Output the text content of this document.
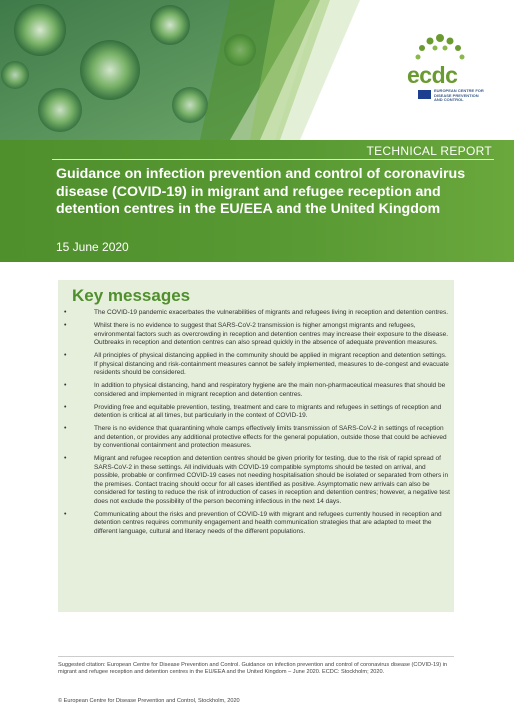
ecdc
EUROPEAN CENTRE FOR DISEASE PREVENTION AND CONTROL
TECHNICAL REPORT
Guidance on infection prevention and control of coronavirus disease (COVID-19) in migrant and refugee reception and detention centres in the EU/EEA and the United Kingdom
15 June 2020
Key messages
•	The COVID-19 pandemic exacerbates the vulnerabilities of migrants and refugees living in reception and detention centres.
•	Whilst there is no evidence to suggest that SARS-CoV-2 transmission is higher amongst migrants and refugees, environmental factors such as overcrowding in reception and detention centres may increase their exposure to the disease. Outbreaks in reception and detention centres can also spread quickly in the absence of adequate prevention measures.
•	All principles of physical distancing applied in the community should be applied in migrant reception and detention settings. If physical distancing and risk-containment measures cannot be safely implemented, measures to de-congest and evacuate residents should be considered.
•	In addition to physical distancing, hand and respiratory hygiene are the main non-pharmaceutical measures that should be considered and implemented in migrant reception and detention centres.
•	Providing free and equitable prevention, testing, treatment and care to migrants and refugees in settings of reception and detention is critical at all times, but particularly in the context of COVID-19.
•	There is no evidence that quarantining whole camps effectively limits transmission of SARS-CoV-2 in settings of reception and detention, or provides any additional protective effects for the general population, outside those that could be achieved by conventional containment and protection measures.
•	Migrant and refugee reception and detention centres should be given priority for testing, due to the risk of rapid spread of SARS-CoV-2 in these settings. All individuals with COVID-19 compatible symptoms should be tested on arrival, and possible, probable or confirmed COVID-19 cases not needing hospitalisation should be isolated or separated from others in the premises. Contact tracing should occur for all cases identified as positive. Asymptomatic new arrivals can also be considered for testing to reduce the risk of introduction of cases in reception and detention centres; however, a negative test does not exclude the possibility of the person becoming infectious in the next 14 days.
•	Communicating about the risks and prevention of COVID-19 with migrant and refugees currently housed in reception and detention centres requires community engagement and health communication strategies that are adapted to meet the different language, cultural and literacy needs of the different populations.

Suggested citation: European Centre for Disease Prevention and Control. Guidance on infection prevention and control of coronavirus disease (COVID-19) in migrant and refugee reception and detention centres in the EU/EEA and the United Kingdom – June 2020. ECDC: Stockholm; 2020.

© European Centre for Disease Prevention and Control, Stockholm, 2020
